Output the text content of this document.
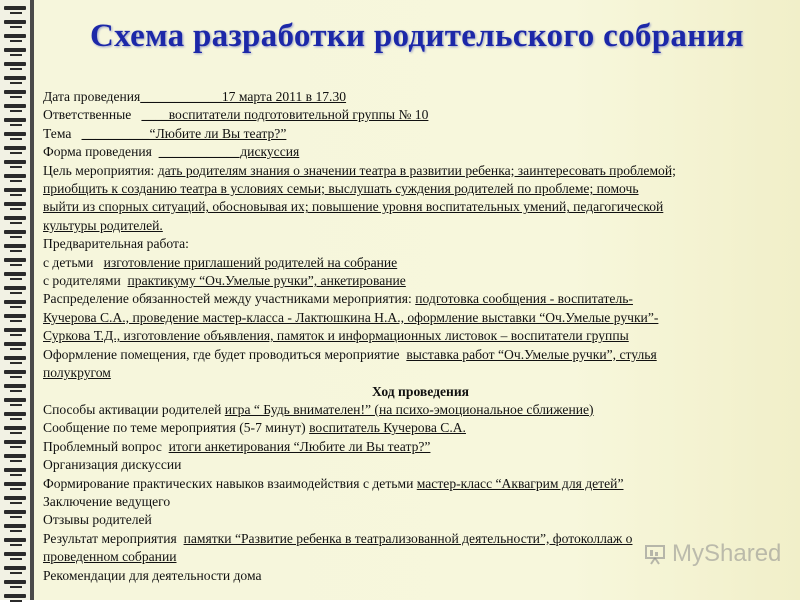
Схема разработки родительского собрания
Дата проведения____________17 марта 2011 в 17.30
Ответственные ____воспитатели подготовительной группы № 10
Тема __________“Любите ли Вы театр?”
Форма проведения ____________дискуссия
Цель мероприятия: дать родителям знания о значении театра в развитии ребенка; заинтересовать проблемой;
приобщить к созданию театра в условиях семьи; выслушать суждения родителей по проблеме; помочь
выйти из спорных ситуаций, обосновывая их; повышение уровня воспитательных умений, педагогической
культуры родителей.
Предварительная работа:
с детьми изготовление приглашений родителей на собрание
с родителями практикуму “Оч.Умелые ручки”, анкетирование
Распределение обязанностей между участниками мероприятия: подготовка сообщения - воспитатель-
Кучерова С.А., проведение мастер-класса - Лактюшкина Н.А., оформление выставки “Оч.Умелые ручки”-
Суркова Т.Д., изготовление объявления, памяток и информационных листовок – воспитатели группы
Оформление помещения, где будет проводиться мероприятие выставка работ “Оч.Умелые ручки”, стулья
полукругом
Ход проведения
Способы активации родителей игра “ Будь внимателен!” (на психо-эмоциональное сближение)
Сообщение по теме мероприятия (5-7 минут) воспитатель Кучерова С.А.
Проблемный вопрос итоги анкетирования “Любите ли Вы театр?”
Организация дискуссии
Формирование практических навыков взаимодействия с детьми мастер-класс “Аквагрим для детей”
Заключение ведущего
Отзывы родителей
Результат мероприятия памятки “Развитие ребенка в театрализованной деятельности”, фотоколлаж о
проведенном собрании
Рекомендации для деятельности дома
MyShared
